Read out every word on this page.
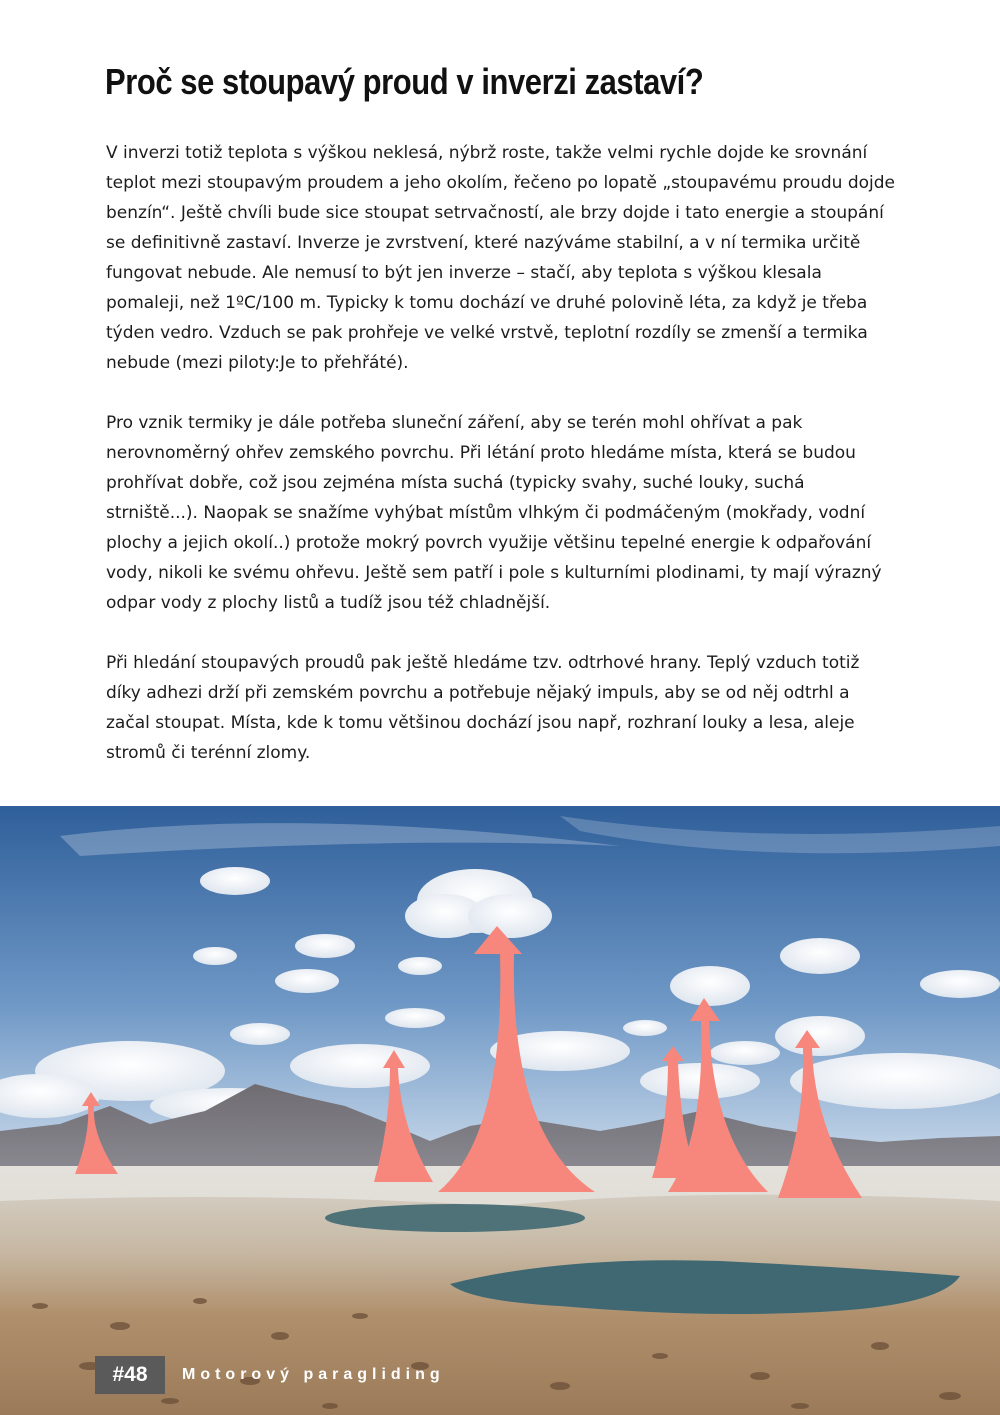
Proč se stoupavý proud v inverzi zastaví?

V inverzi totiž teplota s výškou neklesá, nýbrž roste, takže velmi rychle dojde ke srovnání teplot mezi stoupavým proudem a jeho okolím, řečeno po lopatě „stoupavému proudu dojde benzín“. Ještě chvíli bude sice stoupat setrvačností, ale brzy dojde i tato energie a stoupání se definitivně zastaví. Inverze je zvrstvení, které nazýváme stabilní, a v ní termika určitě fungovat nebude. Ale nemusí to být jen inverze – stačí, aby teplota s výškou klesala pomaleji, než 1ºC/100 m. Typicky k tomu dochází ve druhé polovině léta, za když je třeba týden vedro. Vzduch se pak prohřeje ve velké vrstvě, teplotní rozdíly se zmenší a termika nebude (mezi piloty:Je to přehřáté).

Pro vznik termiky je dále potřeba sluneční záření, aby se terén mohl ohřívat a pak nerovnoměrný ohřev zemského povrchu. Při létání proto hledáme místa, která se budou prohřívat dobře, což jsou zejména místa suchá (typicky svahy, suché louky, suchá strniště...). Naopak se snažíme vyhýbat místům vlhkým či podmáčeným (mokřady, vodní plochy a jejich okolí..) protože mokrý povrch využije většinu tepelné energie k odpařování vody, nikoli ke svému ohřevu. Ještě sem patří i pole s kulturními plodinami, ty mají výrazný odpar vody z plochy listů a tudíž jsou též chladnější.

Při hledání stoupavých proudů pak ještě hledáme tzv. odtrhové hrany. Teplý vzduch totiž díky adhezi drží při zemském povrchu a potřebuje nějaký impuls, aby se od něj odtrhl a začal stoupat. Místa, kde k tomu většinou dochází jsou např, rozhraní louky a lesa, aleje stromů či terénní zlomy.

#48	Motorový paragliding
